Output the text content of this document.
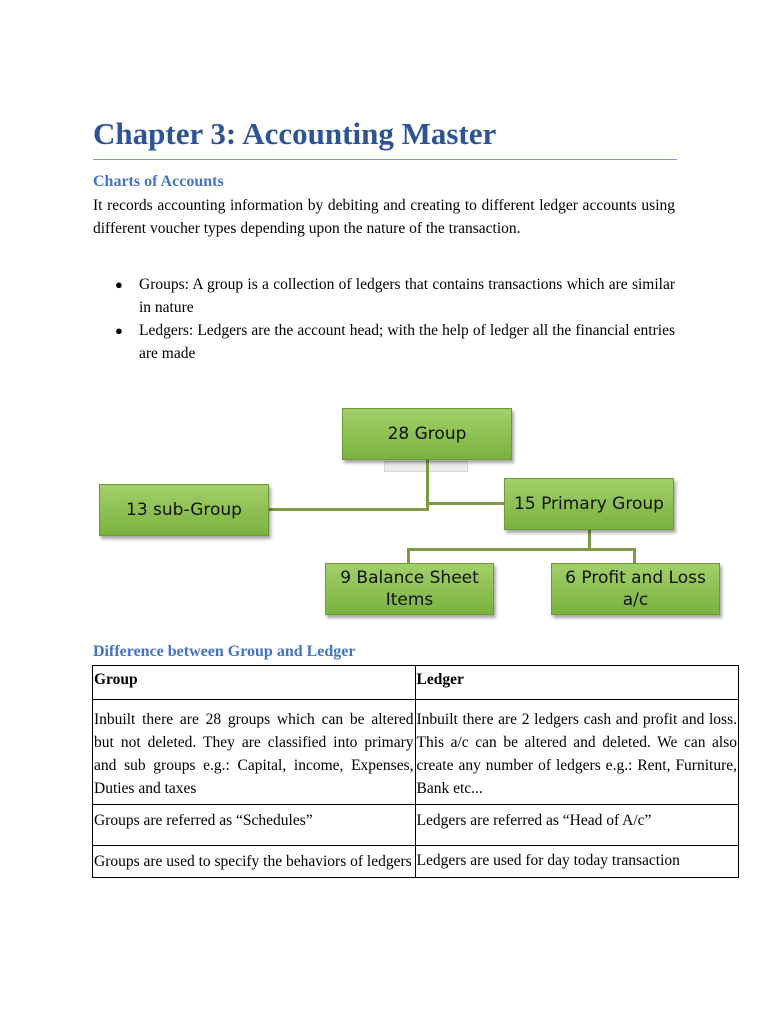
Chapter 3: Accounting Master
Charts of Accounts
It records accounting information by debiting and creating to different ledger accounts using different voucher types depending upon the nature of the transaction.
● Groups: A group is a collection of ledgers that contains transactions which are similar in nature
● Ledgers: Ledgers are the account head; with the help of ledger all the financial entries are made
28 Group
13 sub-Group	15 Primary Group
9 Balance Sheet Items
6 Profit and Loss a/c
Difference between Group and Ledger
Group	Ledger
Inbuilt there are 28 groups which can be altered but not deleted. They are classified into primary and sub groups e.g.: Capital, income, Expenses, Duties and taxes	Inbuilt there are 2 ledgers cash and profit and loss. This a/c can be altered and deleted. We can also create any number of ledgers e.g.: Rent, Furniture, Bank etc...
Groups are referred as “Schedules”	Ledgers are referred as “Head of A/c”
Groups are used to specify the behaviors of ledgers	Ledgers are used for day today transaction
